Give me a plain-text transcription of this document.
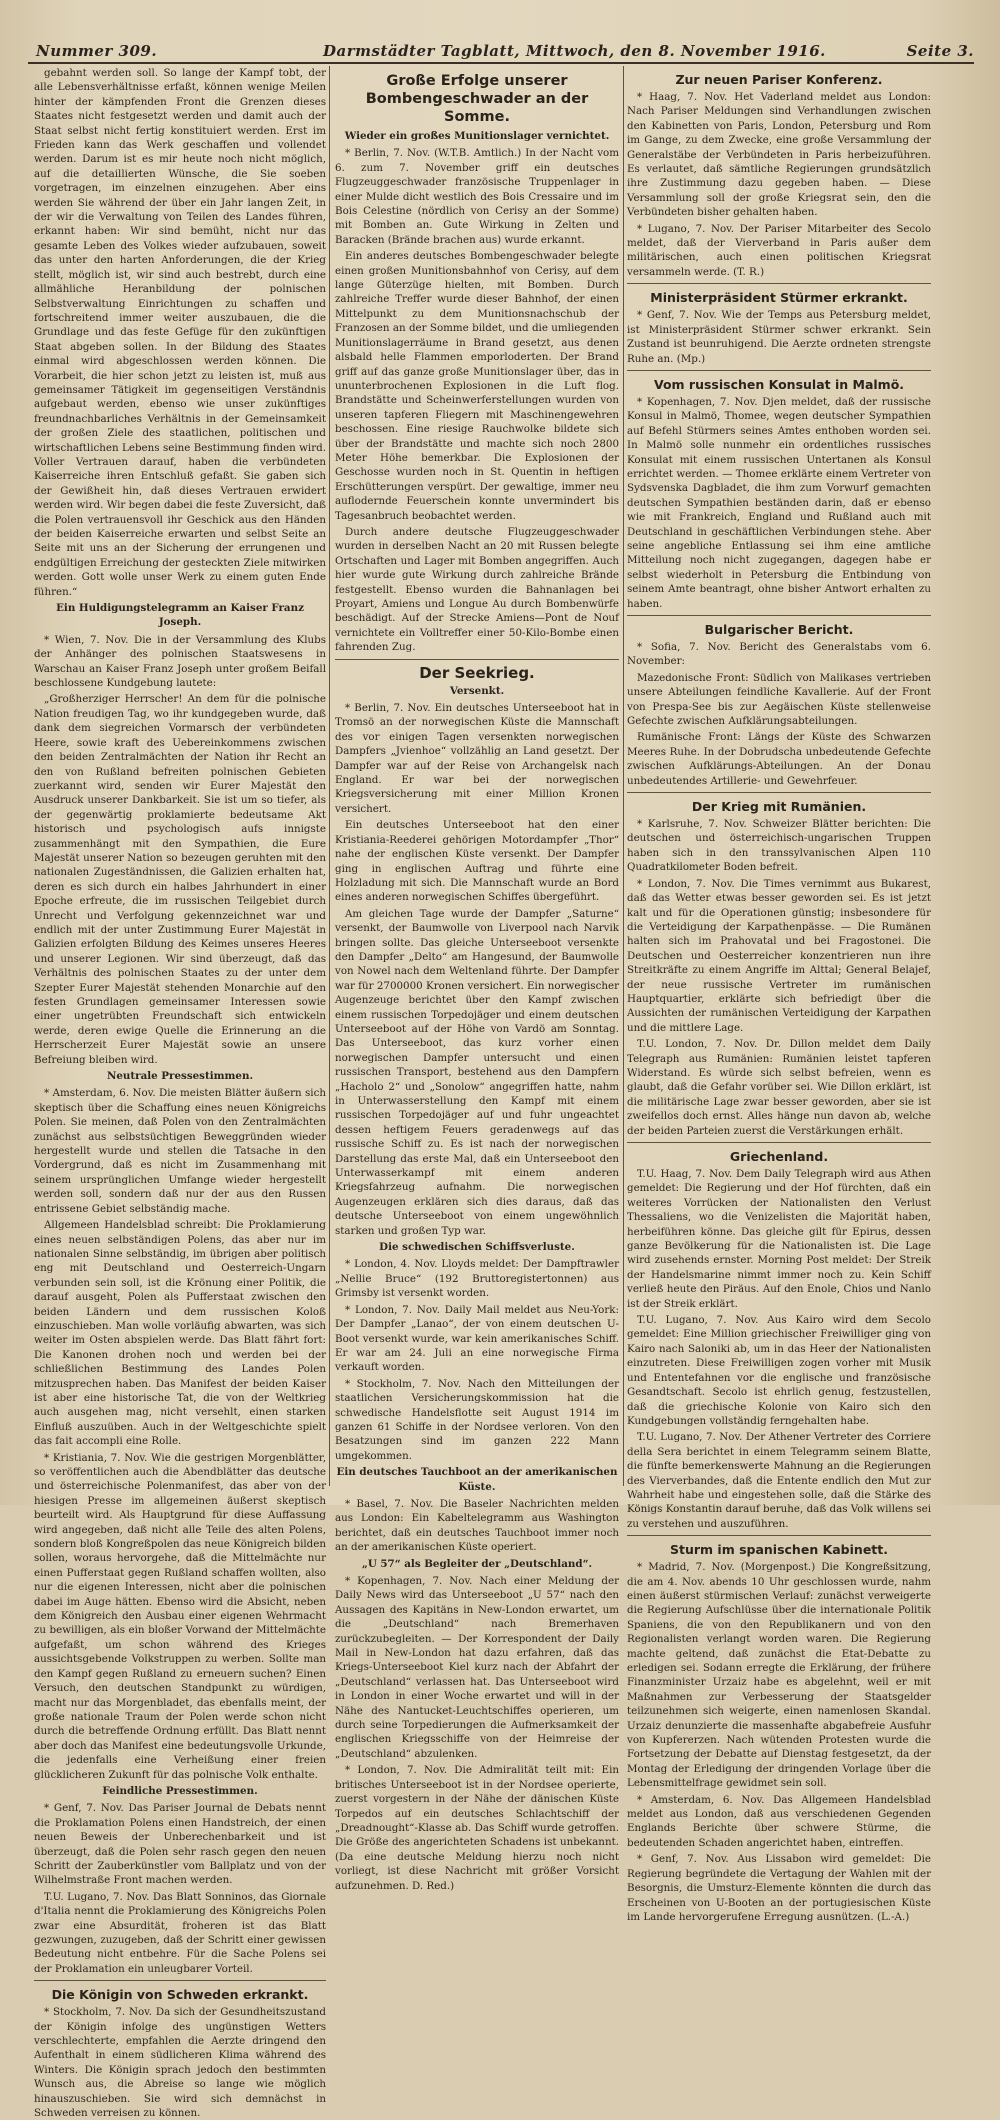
Nummer 309.	Darmstädter Tagblatt, Mittwoch, den 8. November 1916.	Seite 3.

gebahnt werden soll. So lange der Kampf tobt, der alle Lebensverhältnisse erfaßt, können wenige Meilen hinter der kämpfenden Front die Grenzen dieses Staates nicht festgesetzt werden und damit auch der Staat selbst nicht fertig konstituiert werden. Erst im Frieden kann das Werk geschaffen und vollendet werden. Darum ist es mir heute noch nicht möglich, auf die detaillierten Wünsche, die Sie soeben vorgetragen, im einzelnen einzugehen. Aber eins werden Sie während der über ein Jahr langen Zeit, in der wir die Verwaltung von Teilen des Landes führen, erkannt haben: Wir sind bemüht, nicht nur das gesamte Leben des Volkes wieder aufzubauen, soweit das unter den harten Anforderungen, die der Krieg stellt, möglich ist, wir sind auch bestrebt, durch eine allmähliche Heranbildung der polnischen Selbstverwaltung Einrichtungen zu schaffen und fortschreitend immer weiter auszubauen, die die Grundlage und das feste Gefüge für den zukünftigen Staat abgeben sollen. In der Bildung des Staates einmal wird abgeschlossen werden können. Die Vorarbeit, die hier schon jetzt zu leisten ist, muß aus gemeinsamer Tätigkeit im gegenseitigen Verständnis aufgebaut werden, ebenso wie unser zukünftiges freundnachbarliches Verhältnis in der Gemeinsamkeit der großen Ziele des staatlichen, politischen und wirtschaftlichen Lebens seine Bestimmung finden wird. Voller Vertrauen darauf, haben die verbündeten Kaiserreiche ihren Entschluß gefaßt. Sie gaben sich der Gewißheit hin, daß dieses Vertrauen erwidert werden wird. Wir begen dabei die feste Zuversicht, daß die Polen vertrauensvoll ihr Geschick aus den Händen der beiden Kaiserreiche erwarten und selbst Seite an Seite mit uns an der Sicherung der errungenen und endgültigen Erreichung der gesteckten Ziele mitwirken werden. Gott wolle unser Werk zu einem guten Ende führen.“

Ein Huldigungstelegramm an Kaiser Franz Joseph.

* Wien, 7. Nov. Die in der Versammlung des Klubs der Anhänger des polnischen Staatswesens in Warschau an Kaiser Franz Joseph unter großem Beifall beschlossene Kundgebung lautete:

„Großherziger Herrscher! An dem für die polnische Nation freudigen Tag, wo ihr kundgegeben wurde, daß dank dem siegreichen Vormarsch der verbündeten Heere, sowie kraft des Uebereinkommens zwischen den beiden Zentralmächten der Nation ihr Recht an den von Rußland befreiten polnischen Gebieten zuerkannt wird, senden wir Eurer Majestät den Ausdruck unserer Dankbarkeit. Sie ist um so tiefer, als der gegenwärtig proklamierte bedeutsame Akt historisch und psychologisch aufs innigste zusammenhängt mit den Sympathien, die Eure Majestät unserer Nation so bezeugen geruhten mit den nationalen Zugeständnissen, die Galizien erhalten hat, deren es sich durch ein halbes Jahrhundert in einer Epoche erfreute, die im russischen Teilgebiet durch Unrecht und Verfolgung gekennzeichnet war und endlich mit der unter Zustimmung Eurer Majestät in Galizien erfolgten Bildung des Keimes unseres Heeres und unserer Legionen. Wir sind überzeugt, daß das Verhältnis des polnischen Staates zu der unter dem Szepter Eurer Majestät stehenden Monarchie auf den festen Grundlagen gemeinsamer Interessen sowie einer ungetrübten Freundschaft sich entwickeln werde, deren ewige Quelle die Erinnerung an die Herrscherzeit Eurer Majestät sowie an unsere Befreiung bleiben wird.

Neutrale Pressestimmen.

* Amsterdam, 6. Nov. Die meisten Blätter äußern sich skeptisch über die Schaffung eines neuen Königreichs Polen. Sie meinen, daß Polen von den Zentralmächten zunächst aus selbstsüchtigen Beweggründen wieder hergestellt wurde und stellen die Tatsache in den Vordergrund, daß es nicht im Zusammenhang mit seinem ursprünglichen Umfange wieder hergestellt werden soll, sondern daß nur der aus den Russen entrissene Gebiet selbständig mache.

Allgemeen Handelsblad schreibt: Die Proklamierung eines neuen selbständigen Polens, das aber nur im nationalen Sinne selbständig, im übrigen aber politisch eng mit Deutschland und Oesterreich-Ungarn verbunden sein soll, ist die Krönung einer Politik, die darauf ausgeht, Polen als Pufferstaat zwischen den beiden Ländern und dem russischen Koloß einzuschieben. Man wolle vorläufig abwarten, was sich weiter im Osten abspielen werde. Das Blatt fährt fort: Die Kanonen drohen noch und werden bei der schließlichen Bestimmung des Landes Polen mitzusprechen haben. Das Manifest der beiden Kaiser ist aber eine historische Tat, die von der Weltkrieg auch ausgehen mag, nicht versehlt, einen starken Einfluß auszuüben. Auch in der Weltgeschichte spielt das fait accompli eine Rolle.

* Kristiania, 7. Nov. Wie die gestrigen Morgenblätter, so veröffentlichen auch die Abendblätter das deutsche und österreichische Polenmanifest, das aber von der hiesigen Presse im allgemeinen äußerst skeptisch beurteilt wird. Als Hauptgrund für diese Auffassung wird angegeben, daß nicht alle Teile des alten Polens, sondern bloß Kongreßpolen das neue Königreich bilden sollen, woraus hervorgehe, daß die Mittelmächte nur einen Pufferstaat gegen Rußland schaffen wollten, also nur die eigenen Interessen, nicht aber die polnischen dabei im Auge hätten. Ebenso wird die Absicht, neben dem Königreich den Ausbau einer eigenen Wehrmacht zu bewilligen, als ein bloßer Vorwand der Mittelmächte aufgefaßt, um schon während des Krieges aussichtsgebende Volkstruppen zu werben. Sollte man den Kampf gegen Rußland zu erneuern suchen? Einen Versuch, den deutschen Standpunkt zu würdigen, macht nur das Morgenbladet, das ebenfalls meint, der große nationale Traum der Polen werde schon nicht durch die betreffende Ordnung erfüllt. Das Blatt nennt aber doch das Manifest eine bedeutungsvolle Urkunde, die jedenfalls eine Verheißung einer freien glücklicheren Zukunft für das polnische Volk enthalte.

Feindliche Pressestimmen.

* Genf, 7. Nov. Das Pariser Journal de Debats nennt die Proklamation Polens einen Handstreich, der einen neuen Beweis der Unberechenbarkeit und ist überzeugt, daß die Polen sehr rasch gegen den neuen Schritt der Zauberkünstler vom Ballplatz und von der Wilhelmstraße Front machen werden.

T.U. Lugano, 7. Nov. Das Blatt Sonninos, das Giornale d'Italia nennt die Proklamierung des Königreichs Polen zwar eine Absurdität, froheren ist das Blatt gezwungen, zuzugeben, daß der Schritt einer gewissen Bedeutung nicht entbehre. Für die Sache Polens sei der Proklamation ein unleugbarer Vorteil.

Die Königin von Schweden erkrankt.

* Stockholm, 7. Nov. Da sich der Gesundheitszustand der Königin infolge des ungünstigen Wetters verschlechterte, empfahlen die Aerzte dringend den Aufenthalt in einem südlicheren Klima während des Winters. Die Königin sprach jedoch den bestimmten Wunsch aus, die Abreise so lange wie möglich hinauszuschieben. Sie wird sich demnächst in Schweden verreisen zu können.

Große Erfolge unserer Bombengeschwader an der Somme.
Wieder ein großes Munitionslager vernichtet.

* Berlin, 7. Nov. (W.T.B. Amtlich.) In der Nacht vom 6. zum 7. November griff ein deutsches Flugzeuggeschwader französische Truppenlager in einer Mulde dicht westlich des Bois Cressaire und im Bois Celestine (nördlich von Cerisy an der Somme) mit Bomben an. Gute Wirkung in Zelten und Baracken (Brände brachen aus) wurde erkannt.

Ein anderes deutsches Bombengeschwader belegte einen großen Munitionsbahnhof von Cerisy, auf dem lange Güterzüge hielten, mit Bomben. Durch zahlreiche Treffer wurde dieser Bahnhof, der einen Mittelpunkt zu dem Munitionsnachschub der Franzosen an der Somme bildet, und die umliegenden Munitionslagerräume in Brand gesetzt, aus denen alsbald helle Flammen emporloderten. Der Brand griff auf das ganze große Munitionslager über, das in ununterbrochenen Explosionen in die Luft flog. Brandstätte und Scheinwerferstellungen wurden von unseren tapferen Fliegern mit Maschinengewehren beschossen. Eine riesige Rauchwolke bildete sich über der Brandstätte und machte sich noch 2800 Meter Höhe bemerkbar. Die Explosionen der Geschosse wurden noch in St. Quentin in heftigen Erschütterungen verspürt. Der gewaltige, immer neu auflodernde Feuerschein konnte unvermindert bis Tagesanbruch beobachtet werden.

Durch andere deutsche Flugzeuggeschwader wurden in derselben Nacht an 20 mit Russen belegte Ortschaften und Lager mit Bomben angegriffen. Auch hier wurde gute Wirkung durch zahlreiche Brände festgestellt. Ebenso wurden die Bahnanlagen bei Proyart, Amiens und Longue Au durch Bombenwürfe beschädigt. Auf der Strecke Amiens—Pont de Nouf vernichtete ein Volltreffer einer 50-Kilo-Bombe einen fahrenden Zug.

Der Seekrieg.
Versenkt.

* Berlin, 7. Nov. Ein deutsches Unterseeboot hat in Tromsö an der norwegischen Küste die Mannschaft des vor einigen Tagen versenkten norwegischen Dampfers „Jvienhoe“ vollzählig an Land gesetzt. Der Dampfer war auf der Reise von Archangelsk nach England. Er war bei der norwegischen Kriegsversicherung mit einer Million Kronen versichert.

Ein deutsches Unterseeboot hat den einer Kristiania-Reederei gehörigen Motordampfer „Thor“ nahe der englischen Küste versenkt. Der Dampfer ging in englischen Auftrag und führte eine Holzladung mit sich. Die Mannschaft wurde an Bord eines anderen norwegischen Schiffes übergeführt.

Am gleichen Tage wurde der Dampfer „Saturne“ versenkt, der Baumwolle von Liverpool nach Narvik bringen sollte. Das gleiche Unterseeboot versenkte den Dampfer „Delto“ am Hangesund, der Baumwolle von Nowel nach dem Weltenland führte. Der Dampfer war für 2700000 Kronen versichert. Ein norwegischer Augenzeuge berichtet über den Kampf zwischen einem russischen Torpedojäger und einem deutschen Unterseeboot auf der Höhe von Vardö am Sonntag. Das Unterseeboot, das kurz vorher einen norwegischen Dampfer untersucht und einen russischen Transport, bestehend aus den Dampfern „Hacholo 2“ und „Sonolow“ angegriffen hatte, nahm in Unterwasserstellung den Kampf mit einem russischen Torpedojäger auf und fuhr ungeachtet dessen heftigem Feuers geradenwegs auf das russische Schiff zu. Es ist nach der norwegischen Darstellung das erste Mal, daß ein Unterseeboot den Unterwasserkampf mit einem anderen Kriegsfahrzeug aufnahm. Die norwegischen Augenzeugen erklären sich dies daraus, daß das deutsche Unterseeboot von einem ungewöhnlich starken und großen Typ war.

Die schwedischen Schiffsverluste.

* London, 4. Nov. Lloyds meldet: Der Dampftrawler „Nellie Bruce“ (192 Bruttoregistertonnen) aus Grimsby ist versenkt worden.

* London, 7. Nov. Daily Mail meldet aus Neu-York: Der Dampfer „Lanao“, der von einem deutschen U-Boot versenkt wurde, war kein amerikanisches Schiff. Er war am 24. Juli an eine norwegische Firma verkauft worden.

* Stockholm, 7. Nov. Nach den Mitteilungen der staatlichen Versicherungskommission hat die schwedische Handelsflotte seit August 1914 im ganzen 61 Schiffe in der Nordsee verloren. Von den Besatzungen sind im ganzen 222 Mann umgekommen.

Ein deutsches Tauchboot an der amerikanischen Küste.

* Basel, 7. Nov. Die Baseler Nachrichten melden aus London: Ein Kabeltelegramm aus Washington berichtet, daß ein deutsches Tauchboot immer noch an der amerikanischen Küste operiert.

„U 57“ als Begleiter der „Deutschland“.

* Kopenhagen, 7. Nov. Nach einer Meldung der Daily News wird das Unterseeboot „U 57“ nach den Aussagen des Kapitäns in New-London erwartet, um die „Deutschland“ nach Bremerhaven zurückzubegleiten. — Der Korrespondent der Daily Mail in New-London hat dazu erfahren, daß das Kriegs-Unterseeboot Kiel kurz nach der Abfahrt der „Deutschland“ verlassen hat. Das Unterseeboot wird in London in einer Woche erwartet und will in der Nähe des Nantucket-Leuchtschiffes operieren, um durch seine Torpedierungen die Aufmerksamkeit der englischen Kriegsschiffe von der Heimreise der „Deutschland“ abzulenken.

* London, 7. Nov. Die Admiralität teilt mit: Ein britisches Unterseeboot ist in der Nordsee operierte, zuerst vorgestern in der Nähe der dänischen Küste Torpedos auf ein deutsches Schlachtschiff der „Dreadnought“-Klasse ab. Das Schiff wurde getroffen. Die Größe des angerichteten Schadens ist unbekannt. (Da eine deutsche Meldung hierzu noch nicht vorliegt, ist diese Nachricht mit größer Vorsicht aufzunehmen. D. Red.)

Zur neuen Pariser Konferenz.

* Haag, 7. Nov. Het Vaderland meldet aus London: Nach Pariser Meldungen sind Verhandlungen zwischen den Kabinetten von Paris, London, Petersburg und Rom im Gange, zu dem Zwecke, eine große Versammlung der Generalstäbe der Verbündeten in Paris herbeizuführen. Es verlautet, daß sämtliche Regierungen grundsätzlich ihre Zustimmung dazu gegeben haben. — Diese Versammlung soll der große Kriegsrat sein, den die Verbündeten bisher gehalten haben.

* Lugano, 7. Nov. Der Pariser Mitarbeiter des Secolo meldet, daß der Vierverband in Paris außer dem militärischen, auch einen politischen Kriegsrat versammeln werde. (T. R.)

Ministerpräsident Stürmer erkrankt.

* Genf, 7. Nov. Wie der Temps aus Petersburg meldet, ist Ministerpräsident Stürmer schwer erkrankt. Sein Zustand ist beunruhigend. Die Aerzte ordneten strengste Ruhe an. (Mp.)

Vom russischen Konsulat in Malmö.

* Kopenhagen, 7. Nov. Djen meldet, daß der russische Konsul in Malmö, Thomee, wegen deutscher Sympathien auf Befehl Stürmers seines Amtes enthoben worden sei. In Malmö solle nunmehr ein ordentliches russisches Konsulat mit einem russischen Untertanen als Konsul errichtet werden. — Thomee erklärte einem Vertreter von Sydsvenska Dagbladet, die ihm zum Vorwurf gemachten deutschen Sympathien beständen darin, daß er ebenso wie mit Frankreich, England und Rußland auch mit Deutschland in geschäftlichen Verbindungen stehe. Aber seine angebliche Entlassung sei ihm eine amtliche Mitteilung noch nicht zugegangen, dagegen habe er selbst wiederholt in Petersburg die Entbindung von seinem Amte beantragt, ohne bisher Antwort erhalten zu haben.

Bulgarischer Bericht.

* Sofia, 7. Nov. Bericht des Generalstabs vom 6. November:

Mazedonische Front: Südlich von Malikases vertrieben unsere Abteilungen feindliche Kavallerie. Auf der Front von Prespa-See bis zur Aegäischen Küste stellenweise Gefechte zwischen Aufklärungsabteilungen.

Rumänische Front: Längs der Küste des Schwarzen Meeres Ruhe. In der Dobrudscha unbedeutende Gefechte zwischen Aufklärungs-Abteilungen. An der Donau unbedeutendes Artillerie- und Gewehrfeuer.

Der Krieg mit Rumänien.

* Karlsruhe, 7. Nov. Schweizer Blätter berichten: Die deutschen und österreichisch-ungarischen Truppen haben sich in den transsylvanischen Alpen 110 Quadratkilometer Boden befreit.

* London, 7. Nov. Die Times vernimmt aus Bukarest, daß das Wetter etwas besser geworden sei. Es ist jetzt kalt und für die Operationen günstig; insbesondere für die Verteidigung der Karpathenpässe. — Die Rumänen halten sich im Prahovatal und bei Fragostonei. Die Deutschen und Oesterreicher konzentrieren nun ihre Streitkräfte zu einem Angriffe im Alttal; General Belajef, der neue russische Vertreter im rumänischen Hauptquartier, erklärte sich befriedigt über die Aussichten der rumänischen Verteidigung der Karpathen und die mittlere Lage.

T.U. London, 7. Nov. Dr. Dillon meldet dem Daily Telegraph aus Rumänien: Rumänien leistet tapferen Widerstand. Es würde sich selbst befreien, wenn es glaubt, daß die Gefahr vorüber sei. Wie Dillon erklärt, ist die militärische Lage zwar besser geworden, aber sie ist zweifellos doch ernst. Alles hänge nun davon ab, welche der beiden Parteien zuerst die Verstärkungen erhält.

Griechenland.

T.U. Haag, 7. Nov. Dem Daily Telegraph wird aus Athen gemeldet: Die Regierung und der Hof fürchten, daß ein weiteres Vorrücken der Nationalisten den Verlust Thessaliens, wo die Venizelisten die Majorität haben, herbeiführen könne. Das gleiche gilt für Epirus, dessen ganze Bevölkerung für die Nationalisten ist. Die Lage wird zusehends ernster. Morning Post meldet: Der Streik der Handelsmarine nimmt immer noch zu. Kein Schiff verließ heute den Piräus. Auf den Enole, Chios und Nanlo ist der Streik erklärt.

T.U. Lugano, 7. Nov. Aus Kairo wird dem Secolo gemeldet: Eine Million griechischer Freiwilliger ging von Kairo nach Saloniki ab, um in das Heer der Nationalisten einzutreten. Diese Freiwilligen zogen vorher mit Musik und Ententefahnen vor die englische und französische Gesandtschaft. Secolo ist ehrlich genug, festzustellen, daß die griechische Kolonie von Kairo sich den Kundgebungen vollständig ferngehalten habe.

T.U. Lugano, 7. Nov. Der Athener Vertreter des Corriere della Sera berichtet in einem Telegramm seinem Blatte, die fünfte bemerkenswerte Mahnung an die Regierungen des Vierverbandes, daß die Entente endlich den Mut zur Wahrheit habe und eingestehen solle, daß die Stärke des Königs Konstantin darauf beruhe, daß das Volk willens sei zu verstehen und auszuführen.

Sturm im spanischen Kabinett.

* Madrid, 7. Nov. (Morgenpost.) Die Kongreßsitzung, die am 4. Nov. abends 10 Uhr geschlossen wurde, nahm einen äußerst stürmischen Verlauf: zunächst verweigerte die Regierung Aufschlüsse über die internationale Politik Spaniens, die von den Republikanern und von den Regionalisten verlangt worden waren. Die Regierung machte geltend, daß zunächst die Etat-Debatte zu erledigen sei. Sodann erregte die Erklärung, der frühere Finanzminister Urzaiz habe es abgelehnt, weil er mit Maßnahmen zur Verbesserung der Staatsgelder teilzunehmen sich weigerte, einen namenlosen Skandal. Urzaiz denunzierte die massenhafte abgabefreie Ausfuhr von Kupfererzen. Nach wütenden Protesten wurde die Fortsetzung der Debatte auf Dienstag festgesetzt, da der Montag der Erledigung der dringenden Vorlage über die Lebensmittelfrage gewidmet sein soll.

* Amsterdam, 6. Nov. Das Allgemeen Handelsblad meldet aus London, daß aus verschiedenen Gegenden Englands Berichte über schwere Stürme, die bedeutenden Schaden angerichtet haben, eintreffen.

* Genf, 7. Nov. Aus Lissabon wird gemeldet: Die Regierung begründete die Vertagung der Wahlen mit der Besorgnis, die Umsturz-Elemente könnten die durch das Erscheinen von U-Booten an der portugiesischen Küste im Lande hervorgerufene Erregung ausnützen. (L.-A.)
